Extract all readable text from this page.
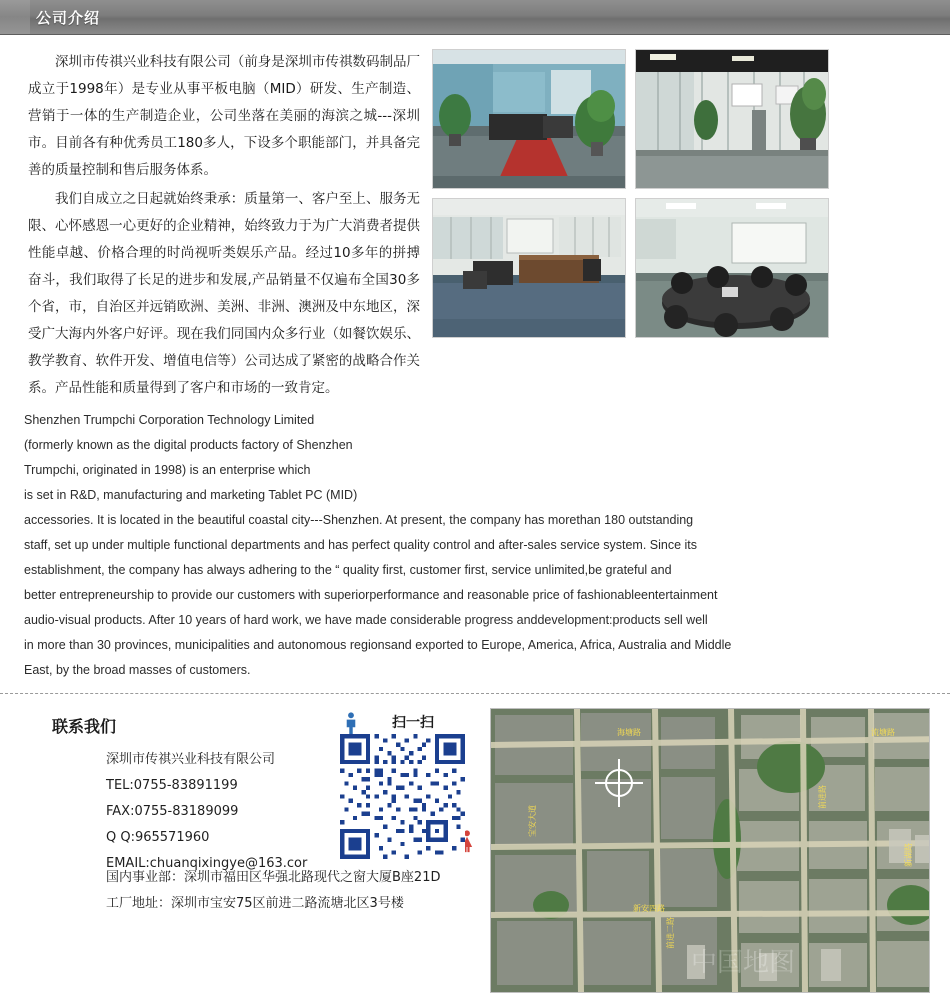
公司介绍

深圳市传祺兴业科技有限公司（前身是深圳市传祺数码制品厂成立于1998年）是专业从事平板电脑（MID）研发、生产制造、营销于一体的生产制造企业，公司坐落在美丽的海滨之城---深圳市。目前各有种优秀员工180多人，下设多个职能部门，并具备完善的质量控制和售后服务体系。

我们自成立之日起就始终秉承：质量第一、客户至上、服务无限、心怀感恩一心更好的企业精神，始终致力于为广大消费者提供性能卓越、价格合理的时尚视听类娱乐产品。经过10多年的拼搏奋斗，我们取得了长足的进步和发展,产品销量不仅遍布全国30多个省，市，自治区并远销欧洲、美洲、非洲、澳洲及中东地区，深受广大海内外客户好评。现在我们同国内众多行业（如餐饮娱乐、教学教育、软件开发、增值电信等）公司达成了紧密的战略合作关系。产品性能和质量得到了客户和市场的一致肯定。

Shenzhen Trumpchi Corporation Technology Limited
(formerly known as the digital products factory of Shenzhen
Trumpchi, originated in 1998) is an enterprise which
is set in R&D, manufacturing and marketing Tablet PC (MID)
accessories. It is located in the beautiful coastal city---Shenzhen. At present, the company has morethan 180 outstanding
staff, set up under multiple functional departments and has perfect quality control and after-sales service system. Since its
establishment, the company has always adhering to the “ quality first, customer first, service unlimited,be grateful and
better entrepreneurship to provide our customers with superiorperformance and reasonable price of fashionableentertainment
audio-visual products. After 10 years of hard work, we have made considerable progress anddevelopment:products sell well
in more than 30 provinces, municipalities and autonomous regionsand exported to Europe, America, Africa, Australia and Middle
East, by the broad masses of customers.
联系我们
深圳市传祺兴业科技有限公司
TEL:0755-83891199
FAX:0755-83189099
Q Q:965571960
EMAIL:chuanqixingye@163.cor
扫一扫
海塘路	流塘路
新安四路
前进二路
宝安大道
前进路
新湖路
中国地图
国内事业部：深圳市福田区华强北路现代之窗大厦B座21D
工厂地址：深圳市宝安75区前进二路流塘北区3号楼
